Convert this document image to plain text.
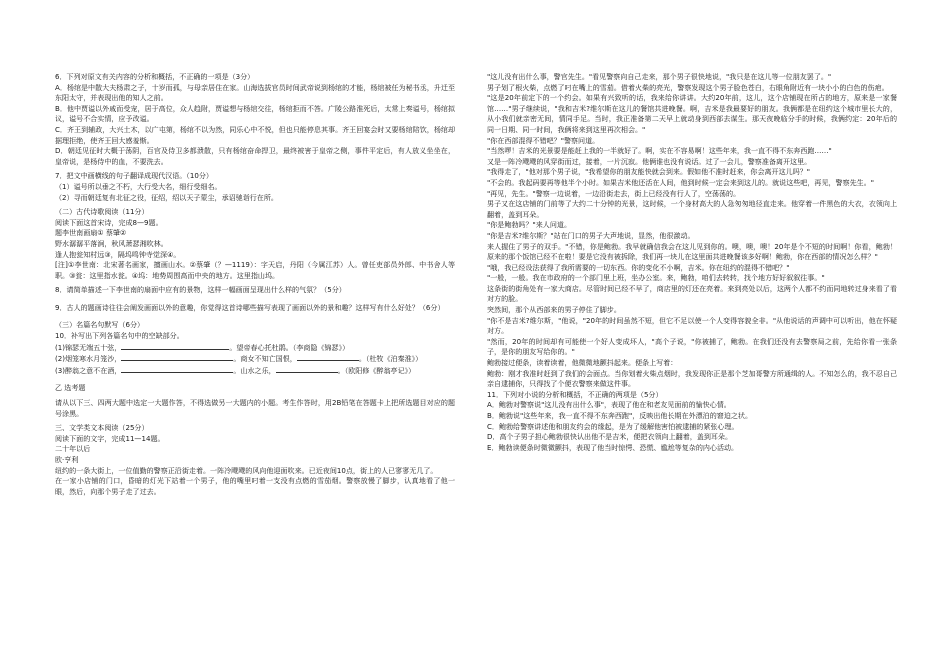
6．下列对原文有关内容的分析和概括，不正确的一项是（3分）

A．杨绾是中散大夫杨肃之子，十岁而孤，与母亲居住在家。山海选拔官员时间武帝说到杨绾的才能，杨绾被任为秘书丞，升迁至东阳太守，并表现出他的知人之前。

B．他中贾谥以外戚而受宠，居于高位，众人趋附，贾谥想与杨绾交往，杨绾拒而不答。广陵公路淮死后，太常上奏谥号，杨绾拟议，谥号不合实情，应予改谥。

C．齐王到辅政，大兴土木，以广屯第，杨绾不以为然，同乐心中不悦，但也只能停息其事。齐王回宴会时又要杨绾陪饮，杨绾却据理拒绝，使齐王回大感羞惭。

D．朝廷见征时大概于荡阴，百官及侍卫多都溃散，只有杨绾奋命捍卫，最终被害于皇帝之侧，事件平定后，有人放义坐坐在，皇帝说，是杨侍中的血，不要洗去。

7．把文中画横线的句子翻译成现代汉语。（10分）

（1）谥号所以垂之不朽，大行受大名，细行受细名。

（2）寻而朝廷复有北征之役，征绍，绍以天子蒙尘，承诏驰诣行在所。

（二）古代诗歌阅读（11分）

阅读下面这首宋诗，完成8—9题。

题李世南画扇① 蔡肇②

野水潺潺平落涧，秋风萧瑟湘吹林。

逢人抱瓮知村远③，隔坞鸣钟寺觉深④。

[注]①李世南：北宋著名画家，擅画山水。②蔡肇（？—1119）：字天启，丹阳（今属江苏）人。曾任吏部员外郎、中书舍人等职。③瓮：这里指水瓮。④坞：地势周围高而中央的地方。这里指山坞。

8．请简单描述一下李世南的扇面中应有的景物，这样一幅画面呈现出什么样的气氛？（5分）

9．古人的题画诗往往会阐发画面以外的意趣，你觉得这首诗哪些描写表现了画面以外的景和趣？这样写有什么好处？（6分）

（三）名篇名句默写（6分）

10．补写出下列各篇名句中的空缺部分。

(1)锦瑟无端五十弦，	。望帝春心托杜鹃。（李商隐《锦瑟》）

(2)烟笼寒水月笼沙，	。商女不知亡国恨，	。（杜牧《泊秦淮》）

(3)醉翁之意不在酒，	。山水之乐，	。（欧阳修《醉翁亭记》）

乙 选考题

请从以下三、四两大题中选定一大题作答，不得选做另一大题内的小题。考生作答时，用2B铅笔在答题卡上把所选题目对应的题号涂黑。

三、文学类文本阅读（25分）

阅读下面的文字，完成11—14题。

二十年以后

欧·亨利

纽约的一条大街上，一位值勤的警察正沿街走着。一阵冷飕飕的风向他迎面吹来。已近夜间10点，街上的人已寥寥无几了。

在一家小店铺的门口，昏暗的灯光下站着一个男子，他的嘴里叼着一支没有点燃的雪茄烟。警察放慢了脚步，认真地看了他一眼，然后，向那个男子走了过去。

"这儿没有出什么事，警官先生。"看见警察向自己走来，那个男子很快地说，"我只是在这儿等一位朋友罢了。"

男子划了根火柴，点燃了叼在嘴上的雪茄。借着火柴的亮光，警察发现这个男子脸色苍白，右眼角附近有一块小小的白色的伤疤。

"这是20年前定下的一个约会。如果有兴致听的话，我来给你讲讲。大约20年前，这儿，这个店铺现在所占的地方，原来是一家餐馆……"男子继续说，"我和吉米?维尔斯在这儿的餐馆共进晚餐。啊，吉米是我最要好的朋友。我俩都是在纽约这个城市里长大的，从小我们就亲密无间，情同手足。当时，我正准备第二天早上就动身到西部去谋生。那天夜晚临分手的时候，我俩约定：20年后的同一日期、同一时间，我俩将来到这里再次相会。"

"你在西部混得不错吧？"警察问道。

"当然啰！吉米的光景要是能赶上我的一半就好了。啊，实在不容易啊！这些年来，我一直不得不东奔西跑……"

又是一阵冷飕飕的风穿街而过，接着，一片沉寂。他俩谁也没有说话。过了一会儿，警察准备离开这里。

"我得走了，"他对那个男子说，"我希望你的朋友能快就会到来。假如他不准时赶来，你会离开这儿吗？"

"不会的。我起码要再等他半个小时。如果吉米他还活在人间，他到时候一定会来到这儿的。就说这些吧，再见，警察先生。"

"再见，先生。"警察一边说着，一边沿街走去，街上已经没有行人了，空荡荡的。

男子又在这店铺的门前等了大约二十分钟的光景，这时候，一个身材高大的人急匆匆地径直走来。他穿着一件黑色的大衣，衣领向上翻着，盖到耳朵。

"你是鲍勃吗？"来人问道。

"你是吉米?维尔斯？"站在门口的男子大声地说，显然，他很激动。

来人握住了男子的双手。"不错，你是鲍勃。我早就确信我会在这儿见到你的。噢，噢，噢！20年是个不短的时间啊！你看，鲍勃！原来的那个饭馆已经不在啦！要是它没有被拆除，我们再一块儿在这里面共进晚餐该多好啊！鲍勃，你在西部的情况怎么样？"

"哦，我已经设法获得了我所需要的一切东西。你的变化不小啊，吉米。你在纽约的混得不错吧？"

"一般，一般。我在市政府的一个部门里上班，坐办公室。来，鲍勃，咱们去转转，找个地方好好叙叙往事。"

这条街的街角处有一家大商店。尽管时间已经不早了，商店里的灯还在亮着。来到亮处以后，这两个人都不约而同地转过身来看了看对方的脸。

突然间，那个从西部来的男子停住了脚步。

"你不是吉米?维尔斯，"他说，"20年的时间虽然不短，但它不足以使一个人变得容貌全非。"从他说话的声调中可以听出，他在怀疑对方。

"然而，20年的时间却有可能使一个好人变成坏人，"高个子说，"你被捕了，鲍勃。在我们还没有去警察局之前，先给你看一张条子，是你的朋友写给你的。"

鲍勃接过便条，读着读着，他微微地颤抖起来。便条上写着：

鲍勃：刚才我准时赶到了我们的会面点。当你划着火柴点烟时，我发现你正是那个芝加哥警方所通缉的人。不知怎么的，我不忍自己亲自逮捕你，只得找了个便衣警察来做这件事。

11．下列对小说的分析和概括，不正确的两项是（5分）

A．鲍勃对警察说"这儿没有出什么事"，表现了他在和老友见面前的愉快心情。

B．鲍勃说"这些年来，我一直不得不东奔西跑"，反映出他长期在外漂泊的窘迫之状。

C．鲍勃给警察讲述他和朋友约会的缘起，是为了缓解他害怕被逮捕的紧张心理。

D．高个子男子担心鲍勃很快认出他不是吉米，便把衣领向上翻着，盖到耳朵。

E．鲍勃读便条时微微颤抖，表现了他当时惊愕、恐慌、尴尬等复杂的内心活动。
